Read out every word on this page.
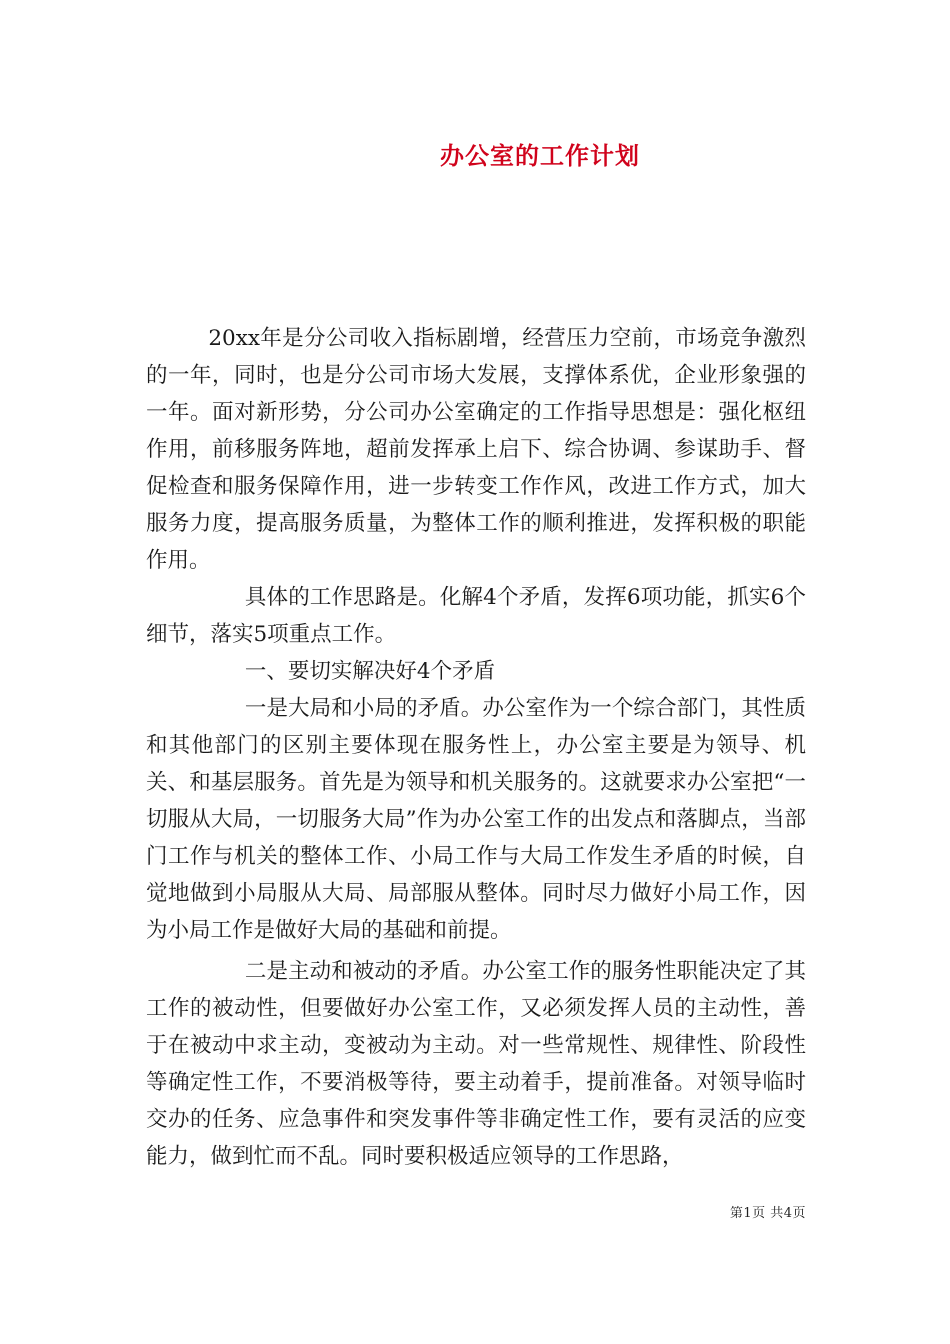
办公室的工作计划

20xx年是分公司收入指标剧增，经营压力空前，市场竞争激烈的一年，同时，也是分公司市场大发展，支撑体系优，企业形象强的一年。面对新形势，分公司办公室确定的工作指导思想是：强化枢纽作用，前移服务阵地，超前发挥承上启下、综合协调、参谋助手、督促检查和服务保障作用，进一步转变工作作风，改进工作方式，加大服务力度，提高服务质量，为整体工作的顺利推进，发挥积极的职能作用。

具体的工作思路是。化解4个矛盾，发挥6项功能，抓实6个细节，落实5项重点工作。

一、要切实解决好4个矛盾

一是大局和小局的矛盾。办公室作为一个综合部门，其性质和其他部门的区别主要体现在服务性上，办公室主要是为领导、机关、和基层服务。首先是为领导和机关服务的。这就要求办公室把“一切服从大局，一切服务大局”作为办公室工作的出发点和落脚点，当部门工作与机关的整体工作、小局工作与大局工作发生矛盾的时候，自觉地做到小局服从大局、局部服从整体。同时尽力做好小局工作，因为小局工作是做好大局的基础和前提。

二是主动和被动的矛盾。办公室工作的服务性职能决定了其工作的被动性，但要做好办公室工作，又必须发挥人员的主动性，善于在被动中求主动，变被动为主动。对一些常规性、规律性、阶段性等确定性工作，不要消极等待，要主动着手，提前准备。对领导临时交办的任务、应急事件和突发事件等非确定性工作，要有灵活的应变能力，做到忙而不乱。同时要积极适应领导的工作思路，

第1页 共4页
